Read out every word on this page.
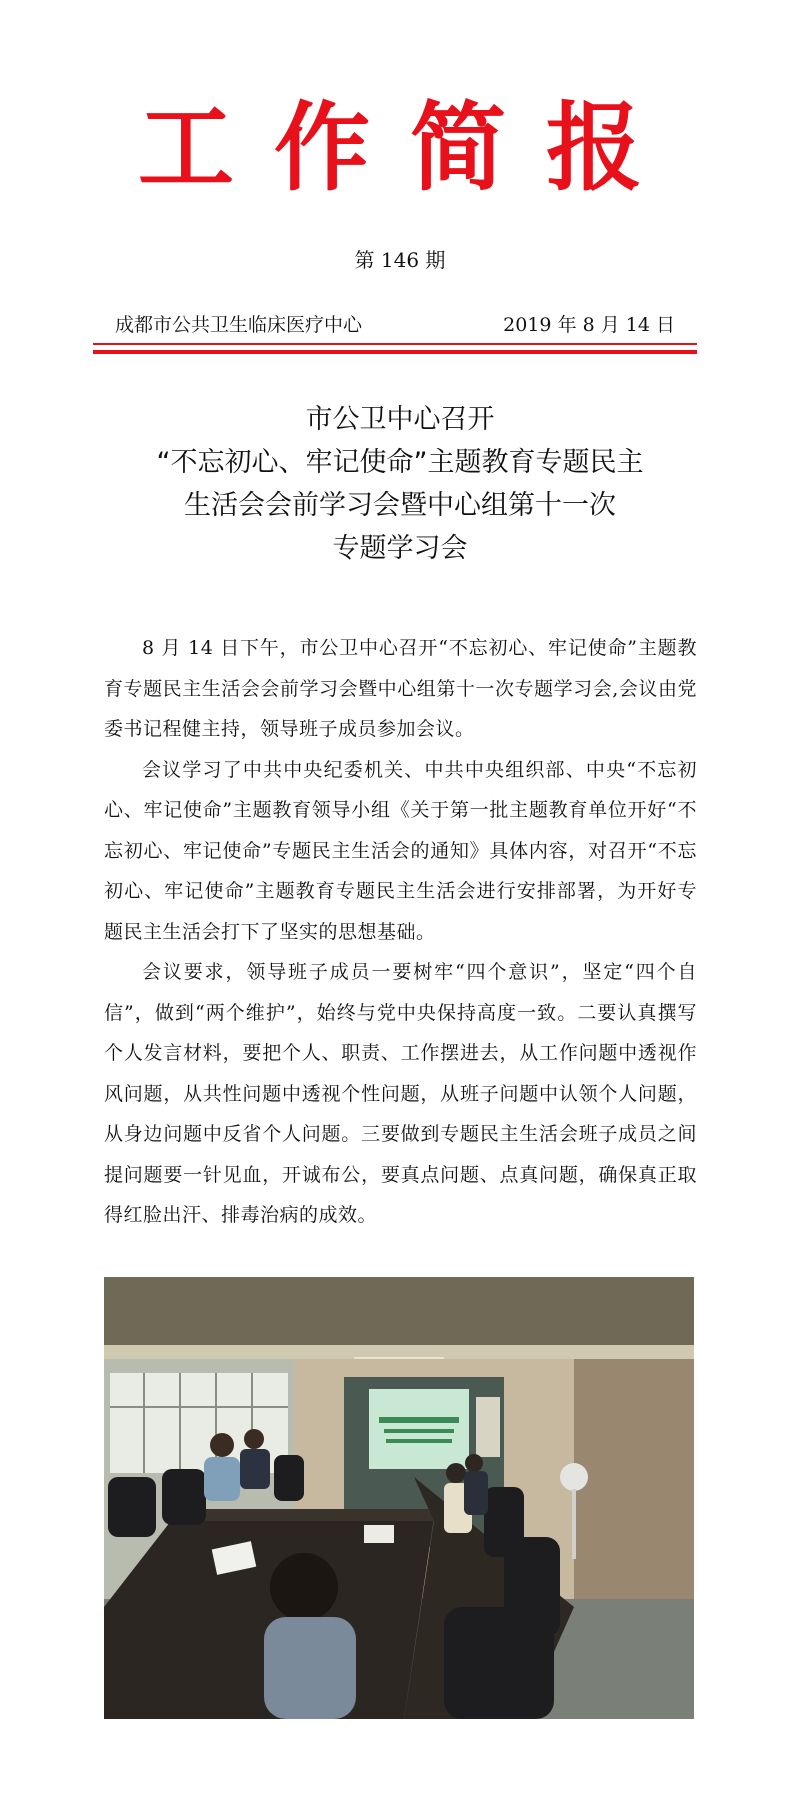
工作简报
第 146 期
成都市公共卫生临床医疗中心	2019 年 8 月 14 日
市公卫中心召开
“不忘初心、牢记使命”主题教育专题民主
生活会会前学习会暨中心组第十一次
专题学习会

8 月 14 日下午，市公卫中心召开“不忘初心、牢记使命”主题教育专题民主生活会会前学习会暨中心组第十一次专题学习会,会议由党委书记程健主持，领导班子成员参加会议。

会议学习了中共中央纪委机关、中共中央组织部、中央“不忘初心、牢记使命”主题教育领导小组《关于第一批主题教育单位开好“不忘初心、牢记使命”专题民主生活会的通知》具体内容，对召开“不忘初心、牢记使命”主题教育专题民主生活会进行安排部署，为开好专题民主生活会打下了坚实的思想基础。

会议要求，领导班子成员一要树牢“四个意识”，坚定“四个自信”，做到“两个维护”，始终与党中央保持高度一致。二要认真撰写个人发言材料，要把个人、职责、工作摆进去，从工作问题中透视作风问题，从共性问题中透视个性问题，从班子问题中认领个人问题，从身边问题中反省个人问题。三要做到专题民主生活会班子成员之间提问题要一针见血，开诚布公，要真点问题、点真问题，确保真正取得红脸出汗、排毒治病的成效。
